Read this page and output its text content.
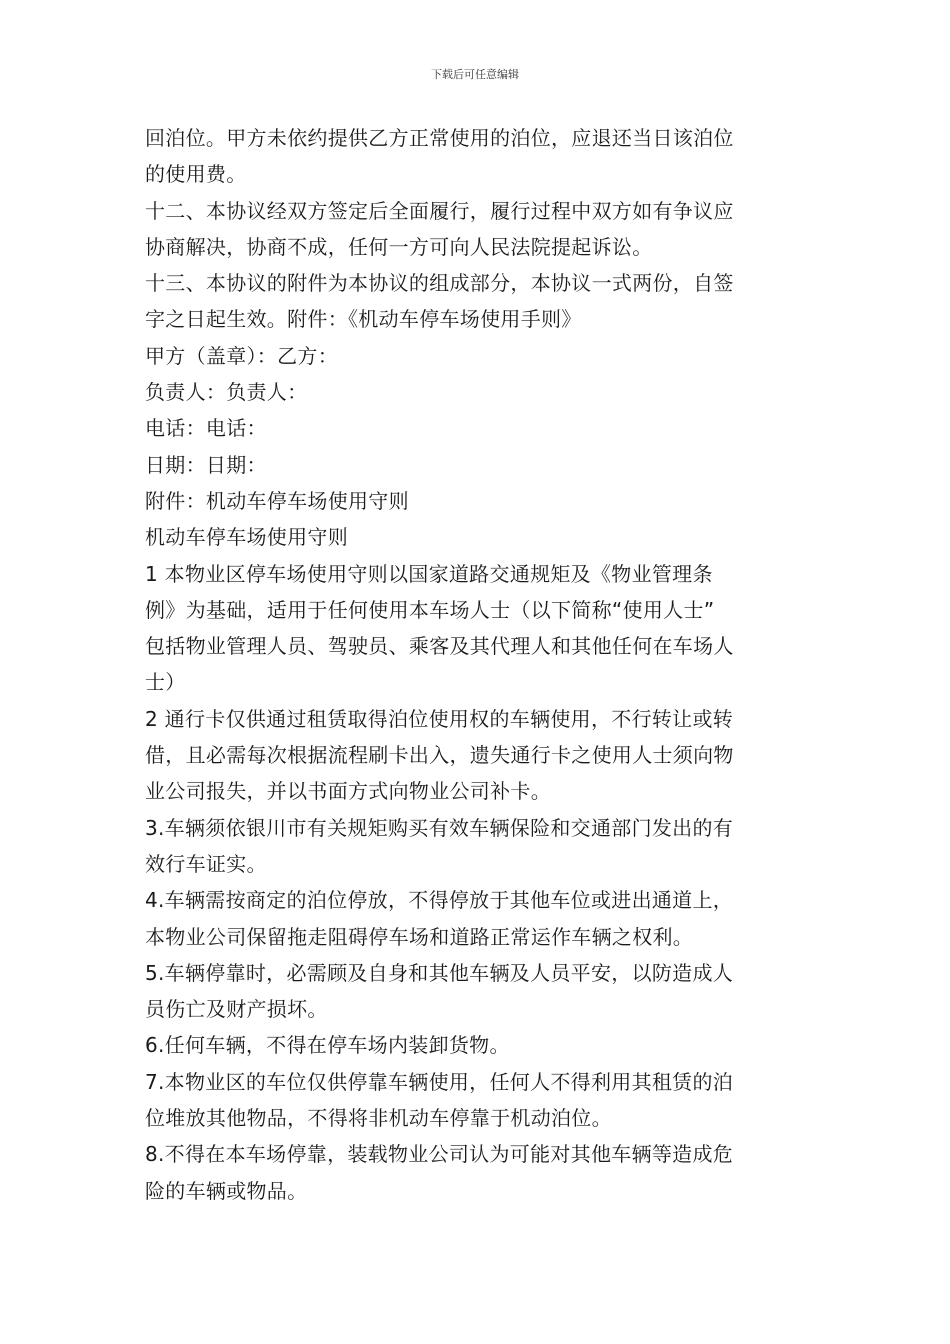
下载后可任意编辑
回泊位。甲方未依约提供乙方正常使用的泊位，应退还当日该泊位
的使用费。
十二、本协议经双方签定后全面履行，履行过程中双方如有争议应
协商解决，协商不成，任何一方可向人民法院提起诉讼。
十三、本协议的附件为本协议的组成部分，本协议一式两份，自签
字之日起生效。附件：《机动车停车场使用手则》
甲方（盖章）：乙方：
负责人：负责人：
电话：电话：
日期：日期：
附件：机动车停车场使用守则
机动车停车场使用守则
1 本物业区停车场使用守则以国家道路交通规矩及《物业管理条
例》为基础，适用于任何使用本车场人士（以下简称“使用人士”
包括物业管理人员、驾驶员、乘客及其代理人和其他任何在车场人
士）
2 通行卡仅供通过租赁取得泊位使用权的车辆使用，不行转让或转
借，且必需每次根据流程刷卡出入，遗失通行卡之使用人士须向物
业公司报失，并以书面方式向物业公司补卡。
3.车辆须依银川市有关规矩购买有效车辆保险和交通部门发出的有
效行车证实。
4.车辆需按商定的泊位停放，不得停放于其他车位或进出通道上，
本物业公司保留拖走阻碍停车场和道路正常运作车辆之权利。
5.车辆停靠时，必需顾及自身和其他车辆及人员平安，以防造成人
员伤亡及财产损坏。
6.任何车辆，不得在停车场内装卸货物。
7.本物业区的车位仅供停靠车辆使用，任何人不得利用其租赁的泊
位堆放其他物品，不得将非机动车停靠于机动泊位。
8.不得在本车场停靠，装载物业公司认为可能对其他车辆等造成危
险的车辆或物品。
